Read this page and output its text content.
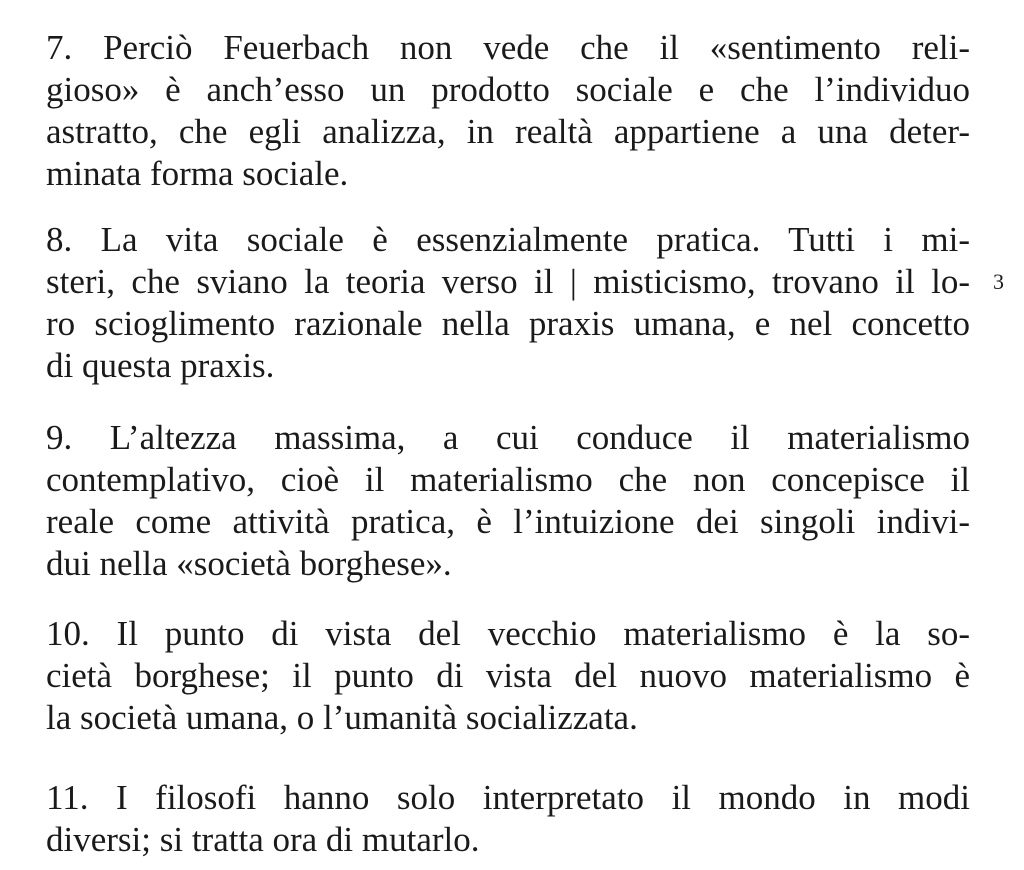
7. Perciò Feuerbach non vede che il «sentimento reli-
gioso» è anch’esso un prodotto sociale e che l’individuo
astratto, che egli analizza, in realtà appartiene a una deter-
minata forma sociale.
8. La vita sociale è essenzialmente pratica. Tutti i mi-
steri, che sviano la teoria verso il | misticismo, trovano il lo-
ro scioglimento razionale nella praxis umana, e nel concetto
di questa praxis.
3
9. L’altezza massima, a cui conduce il materialismo
contemplativo, cioè il materialismo che non concepisce il
reale come attività pratica, è l’intuizione dei singoli indivi-
dui nella «società borghese».
10. Il punto di vista del vecchio materialismo è la so-
cietà borghese; il punto di vista del nuovo materialismo è
la società umana, o l’umanità socializzata.
11. I filosofi hanno solo interpretato il mondo in modi
diversi; si tratta ora di mutarlo.
